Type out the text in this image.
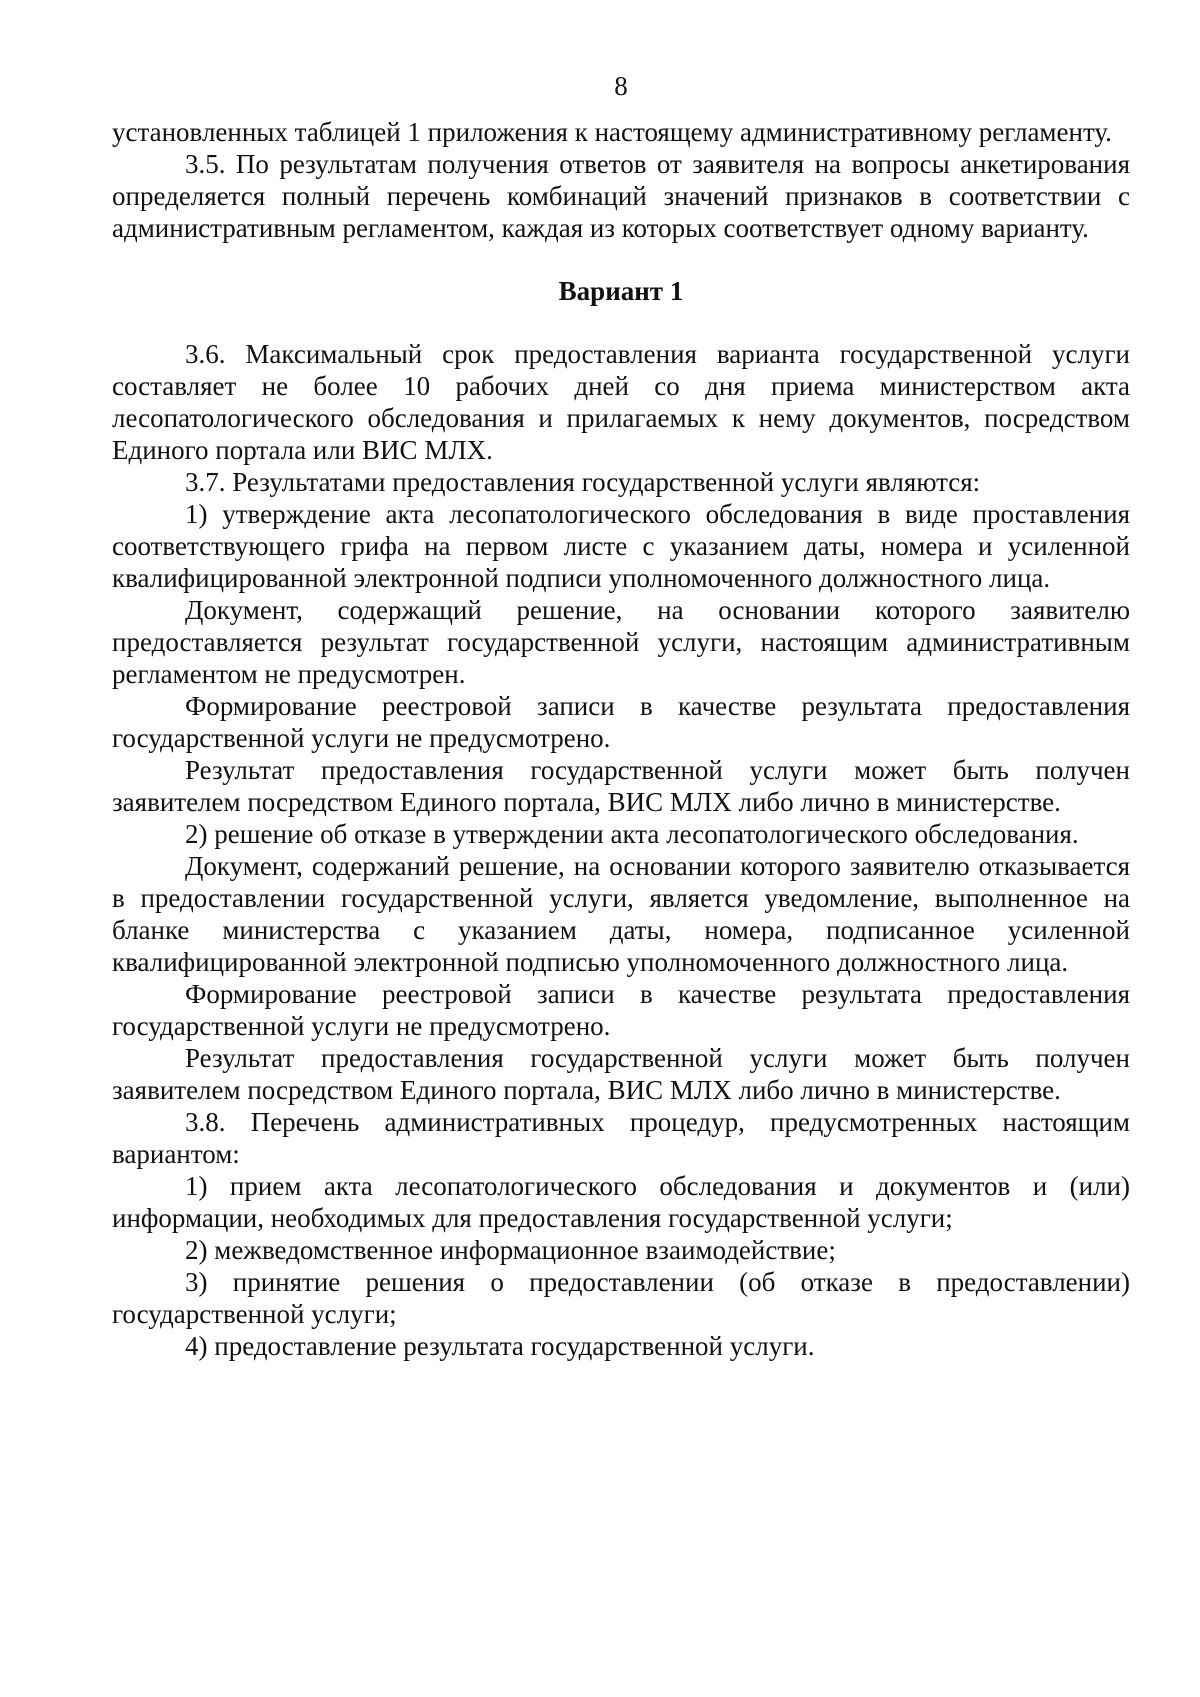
8

установленных таблицей 1 приложения к настоящему административному регламенту.

3.5. По результатам получения ответов от заявителя на вопросы анкетирования определяется полный перечень комбинаций значений признаков в соответствии с административным регламентом, каждая из которых соответствует одному варианту.

Вариант 1

3.6. Максимальный срок предоставления варианта государственной услуги составляет не более 10 рабочих дней со дня приема министерством акта лесопатологического обследования и прилагаемых к нему документов, посредством Единого портала или ВИС МЛХ.

3.7. Результатами предоставления государственной услуги являются:

1) утверждение акта лесопатологического обследования в виде проставления соответствующего грифа на первом листе с указанием даты, номера и усиленной квалифицированной электронной подписи уполномоченного должностного лица.

Документ, содержащий решение, на основании которого заявителю предоставляется результат государственной услуги, настоящим административным регламентом не предусмотрен.

Формирование реестровой записи в качестве результата предоставления государственной услуги не предусмотрено.

Результат предоставления государственной услуги может быть получен заявителем посредством Единого портала, ВИС МЛХ либо лично в министерстве.

2) решение об отказе в утверждении акта лесопатологического обследования.

Документ, содержаний решение, на основании которого заявителю отказывается в предоставлении государственной услуги, является уведомление, выполненное на бланке министерства с указанием даты, номера, подписанное усиленной квалифицированной электронной подписью уполномоченного должностного лица.

Формирование реестровой записи в качестве результата предоставления государственной услуги не предусмотрено.

Результат предоставления государственной услуги может быть получен заявителем посредством Единого портала, ВИС МЛХ либо лично в министерстве.

3.8. Перечень административных процедур, предусмотренных настоящим вариантом:

1) прием акта лесопатологического обследования и документов и (или) информации, необходимых для предоставления государственной услуги;

2) межведомственное информационное взаимодействие;

3) принятие решения о предоставлении (об отказе в предоставлении) государственной услуги;

4) предоставление результата государственной услуги.
